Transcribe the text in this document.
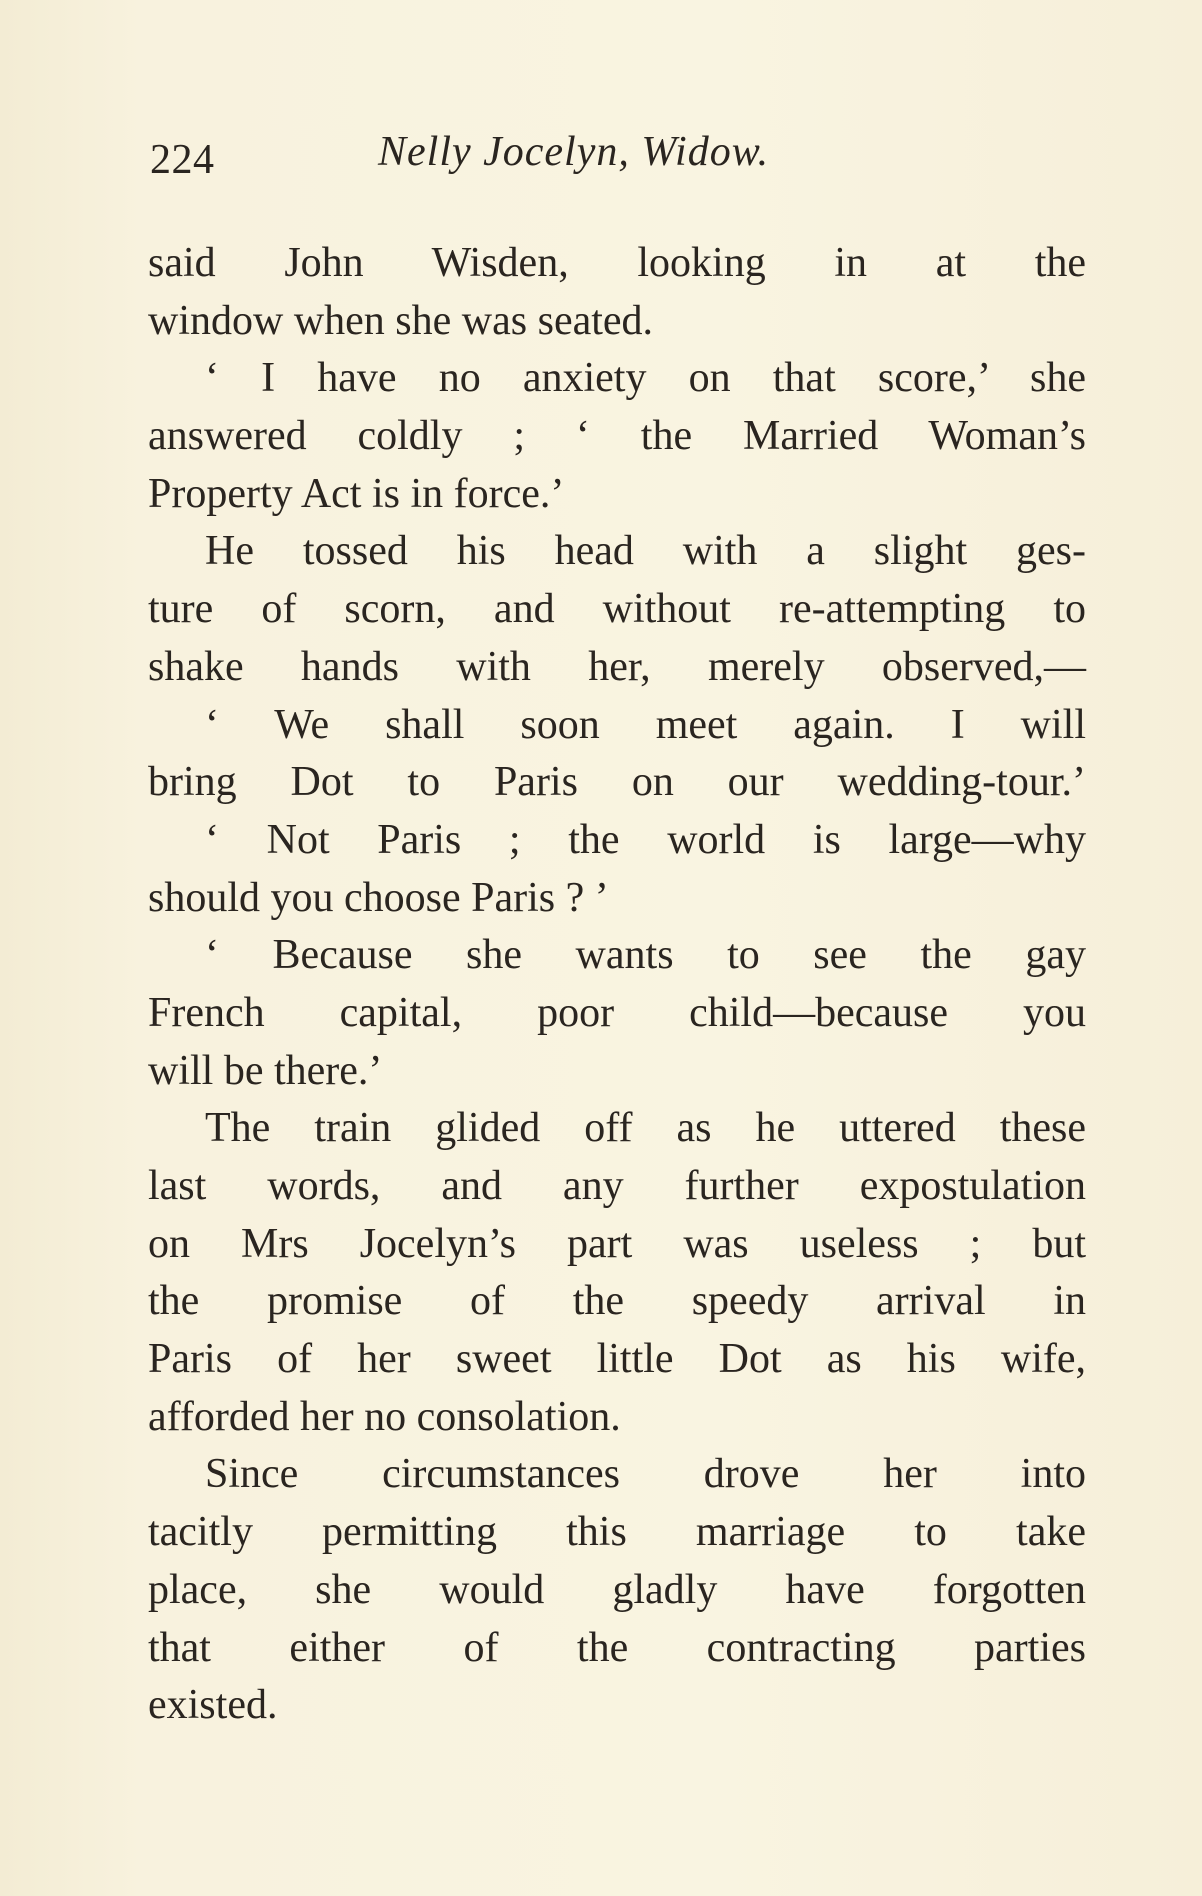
224	Nelly Jocelyn, Widow.
said John Wisden, looking in at the
window when she was seated.
‘ I have no anxiety on that score,’ she
answered coldly ; ‘ the Married Woman’s
Property Act is in force.’
He tossed his head with a slight ges-
ture of scorn, and without re-attempting to
shake hands with her, merely observed,—
‘ We shall soon meet again. I will
bring Dot to Paris on our wedding-tour.’
‘ Not Paris ; the world is large—why
should you choose Paris ? ’
‘ Because she wants to see the gay
French capital, poor child—because you
will be there.’
The train glided off as he uttered these
last words, and any further expostulation
on Mrs Jocelyn’s part was useless ; but
the promise of the speedy arrival in
Paris of her sweet little Dot as his wife,
afforded her no consolation.
Since circumstances drove her into
tacitly permitting this marriage to take
place, she would gladly have forgotten
that either of the contracting parties
existed.
